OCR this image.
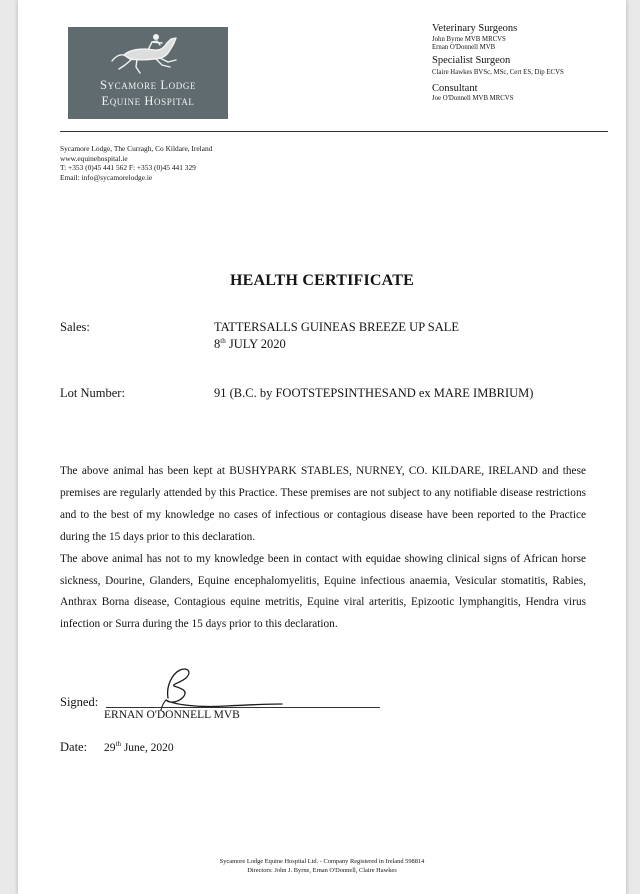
Sycamore Lodge
Equine Hospital
Veterinary Surgeons
John Byrne MVB MRCVS
Ernan O'Donnell MVB
Specialist Surgeon
Claire Hawkes BVSc, MSc, Cert ES, Dip ECVS
Consultant
Joe O'Donnell MVB MRCVS
Sycamore Lodge, The Curragh, Co Kildare, Ireland
www.equinehospital.ie
T: +353 (0)45 441 562 F: +353 (0)45 441 329
Email: info@sycamorelodge.ie
HEALTH CERTIFICATE
Sales:	TATTERSALLS GUINEAS BREEZE UP SALE
8th JULY 2020
Lot Number:	91 (B.C. by FOOTSTEPSINTHESAND ex MARE IMBRIUM)

The above animal has been kept at BUSHYPARK STABLES, NURNEY, CO. KILDARE, IRELAND and these premises are regularly attended by this Practice. These premises are not subject to any notifiable disease restrictions and to the best of my knowledge no cases of infectious or contagious disease have been reported to the Practice during the 15 days prior to this declaration.

The above animal has not to my knowledge been in contact with equidae showing clinical signs of African horse sickness, Dourine, Glanders, Equine encephalomyelitis, Equine infectious anaemia, Vesicular stomatitis, Rabies, Anthrax Borna disease, Contagious equine metritis, Equine viral arteritis, Epizootic lymphangitis, Hendra virus infection or Surra during the 15 days prior to this declaration.

Signed:
ERNAN O'DONNELL MVB
Date: 29th June, 2020
Sycamore Lodge Equine Hospital Ltd. - Company Registered in Ireland 598814
Directors: John J. Byrne, Ernan O'Donnell, Claire Hawkes
